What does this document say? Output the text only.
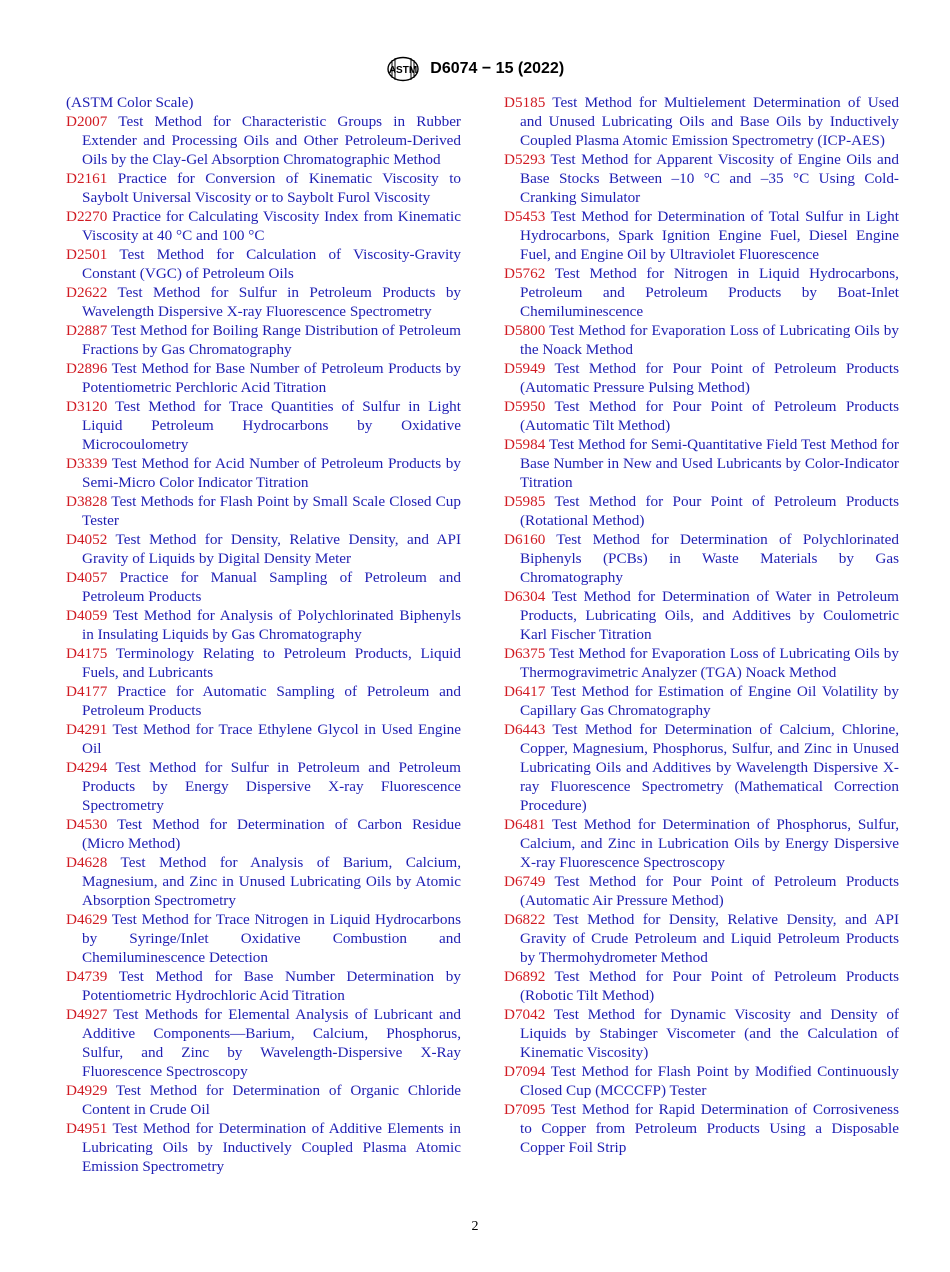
ASTM D6074 − 15 (2022)

(ASTM Color Scale)

D2007 Test Method for Characteristic Groups in Rubber Extender and Processing Oils and Other Petroleum-Derived Oils by the Clay-Gel Absorption Chromatographic Method

D2161 Practice for Conversion of Kinematic Viscosity to Saybolt Universal Viscosity or to Saybolt Furol Viscosity

D2270 Practice for Calculating Viscosity Index from Kinematic Viscosity at 40 °C and 100 °C

D2501 Test Method for Calculation of Viscosity-Gravity Constant (VGC) of Petroleum Oils

D2622 Test Method for Sulfur in Petroleum Products by Wavelength Dispersive X-ray Fluorescence Spectrometry

D2887 Test Method for Boiling Range Distribution of Petroleum Fractions by Gas Chromatography

D2896 Test Method for Base Number of Petroleum Products by Potentiometric Perchloric Acid Titration

D3120 Test Method for Trace Quantities of Sulfur in Light Liquid Petroleum Hydrocarbons by Oxidative Microcoulometry

D3339 Test Method for Acid Number of Petroleum Products by Semi-Micro Color Indicator Titration

D3828 Test Methods for Flash Point by Small Scale Closed Cup Tester

D4052 Test Method for Density, Relative Density, and API Gravity of Liquids by Digital Density Meter

D4057 Practice for Manual Sampling of Petroleum and Petroleum Products

D4059 Test Method for Analysis of Polychlorinated Biphenyls in Insulating Liquids by Gas Chromatography

D4175 Terminology Relating to Petroleum Products, Liquid Fuels, and Lubricants

D4177 Practice for Automatic Sampling of Petroleum and Petroleum Products

D4291 Test Method for Trace Ethylene Glycol in Used Engine Oil

D4294 Test Method for Sulfur in Petroleum and Petroleum Products by Energy Dispersive X-ray Fluorescence Spectrometry

D4530 Test Method for Determination of Carbon Residue (Micro Method)

D4628 Test Method for Analysis of Barium, Calcium, Magnesium, and Zinc in Unused Lubricating Oils by Atomic Absorption Spectrometry

D4629 Test Method for Trace Nitrogen in Liquid Hydrocarbons by Syringe/Inlet Oxidative Combustion and Chemiluminescence Detection

D4739 Test Method for Base Number Determination by Potentiometric Hydrochloric Acid Titration

D4927 Test Methods for Elemental Analysis of Lubricant and Additive Components—Barium, Calcium, Phosphorus, Sulfur, and Zinc by Wavelength-Dispersive X-Ray Fluorescence Spectroscopy

D4929 Test Method for Determination of Organic Chloride Content in Crude Oil

D4951 Test Method for Determination of Additive Elements in Lubricating Oils by Inductively Coupled Plasma Atomic Emission Spectrometry

D5185 Test Method for Multielement Determination of Used and Unused Lubricating Oils and Base Oils by Inductively Coupled Plasma Atomic Emission Spectrometry (ICP-AES)

D5293 Test Method for Apparent Viscosity of Engine Oils and Base Stocks Between –10 °C and –35 °C Using Cold-Cranking Simulator

D5453 Test Method for Determination of Total Sulfur in Light Hydrocarbons, Spark Ignition Engine Fuel, Diesel Engine Fuel, and Engine Oil by Ultraviolet Fluorescence

D5762 Test Method for Nitrogen in Liquid Hydrocarbons, Petroleum and Petroleum Products by Boat-Inlet Chemiluminescence

D5800 Test Method for Evaporation Loss of Lubricating Oils by the Noack Method

D5949 Test Method for Pour Point of Petroleum Products (Automatic Pressure Pulsing Method)

D5950 Test Method for Pour Point of Petroleum Products (Automatic Tilt Method)

D5984 Test Method for Semi-Quantitative Field Test Method for Base Number in New and Used Lubricants by Color-Indicator Titration

D5985 Test Method for Pour Point of Petroleum Products (Rotational Method)

D6160 Test Method for Determination of Polychlorinated Biphenyls (PCBs) in Waste Materials by Gas Chromatography

D6304 Test Method for Determination of Water in Petroleum Products, Lubricating Oils, and Additives by Coulometric Karl Fischer Titration

D6375 Test Method for Evaporation Loss of Lubricating Oils by Thermogravimetric Analyzer (TGA) Noack Method

D6417 Test Method for Estimation of Engine Oil Volatility by Capillary Gas Chromatography

D6443 Test Method for Determination of Calcium, Chlorine, Copper, Magnesium, Phosphorus, Sulfur, and Zinc in Unused Lubricating Oils and Additives by Wavelength Dispersive X-ray Fluorescence Spectrometry (Mathematical Correction Procedure)

D6481 Test Method for Determination of Phosphorus, Sulfur, Calcium, and Zinc in Lubrication Oils by Energy Dispersive X-ray Fluorescence Spectroscopy

D6749 Test Method for Pour Point of Petroleum Products (Automatic Air Pressure Method)

D6822 Test Method for Density, Relative Density, and API Gravity of Crude Petroleum and Liquid Petroleum Products by Thermohydrometer Method

D6892 Test Method for Pour Point of Petroleum Products (Robotic Tilt Method)

D7042 Test Method for Dynamic Viscosity and Density of Liquids by Stabinger Viscometer (and the Calculation of Kinematic Viscosity)

D7094 Test Method for Flash Point by Modified Continuously Closed Cup (MCCCFP) Tester

D7095 Test Method for Rapid Determination of Corrosiveness to Copper from Petroleum Products Using a Disposable Copper Foil Strip

2
